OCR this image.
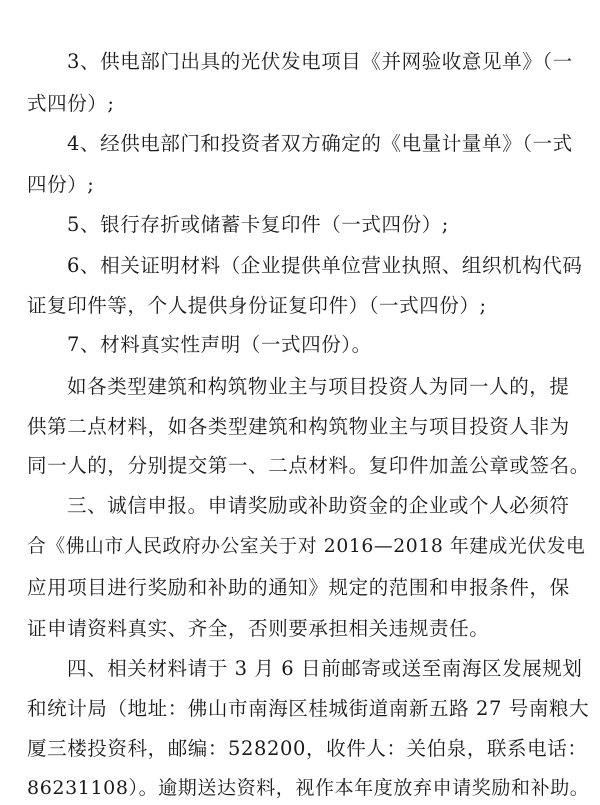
3、供电部门出具的光伏发电项目《并网验收意见单》（一
式四份）;
4、经供电部门和投资者双方确定的《电量计量单》（一式
四份）;
5、银行存折或储蓄卡复印件（一式四份）;
6、相关证明材料（企业提供单位营业执照、组织机构代码
证复印件等，个人提供身份证复印件）（一式四份）;
7、材料真实性声明（一式四份）。
如各类型建筑和构筑物业主与项目投资人为同一人的，提
供第二点材料，如各类型建筑和构筑物业主与项目投资人非为
同一人的，分别提交第一、二点材料。复印件加盖公章或签名。
三、诚信申报。申请奖励或补助资金的企业或个人必须符
合《佛山市人民政府办公室关于对 2016—2018 年建成光伏发电
应用项目进行奖励和补助的通知》规定的范围和申报条件，保
证申请资料真实、齐全，否则要承担相关违规责任。
四、相关材料请于 3 月 6 日前邮寄或送至南海区发展规划
和统计局（地址：佛山市南海区桂城街道南新五路 27 号南粮大
厦三楼投资科，邮编：528200，收件人：关伯泉，联系电话：
86231108）。逾期送达资料，视作本年度放弃申请奖励和补助。
